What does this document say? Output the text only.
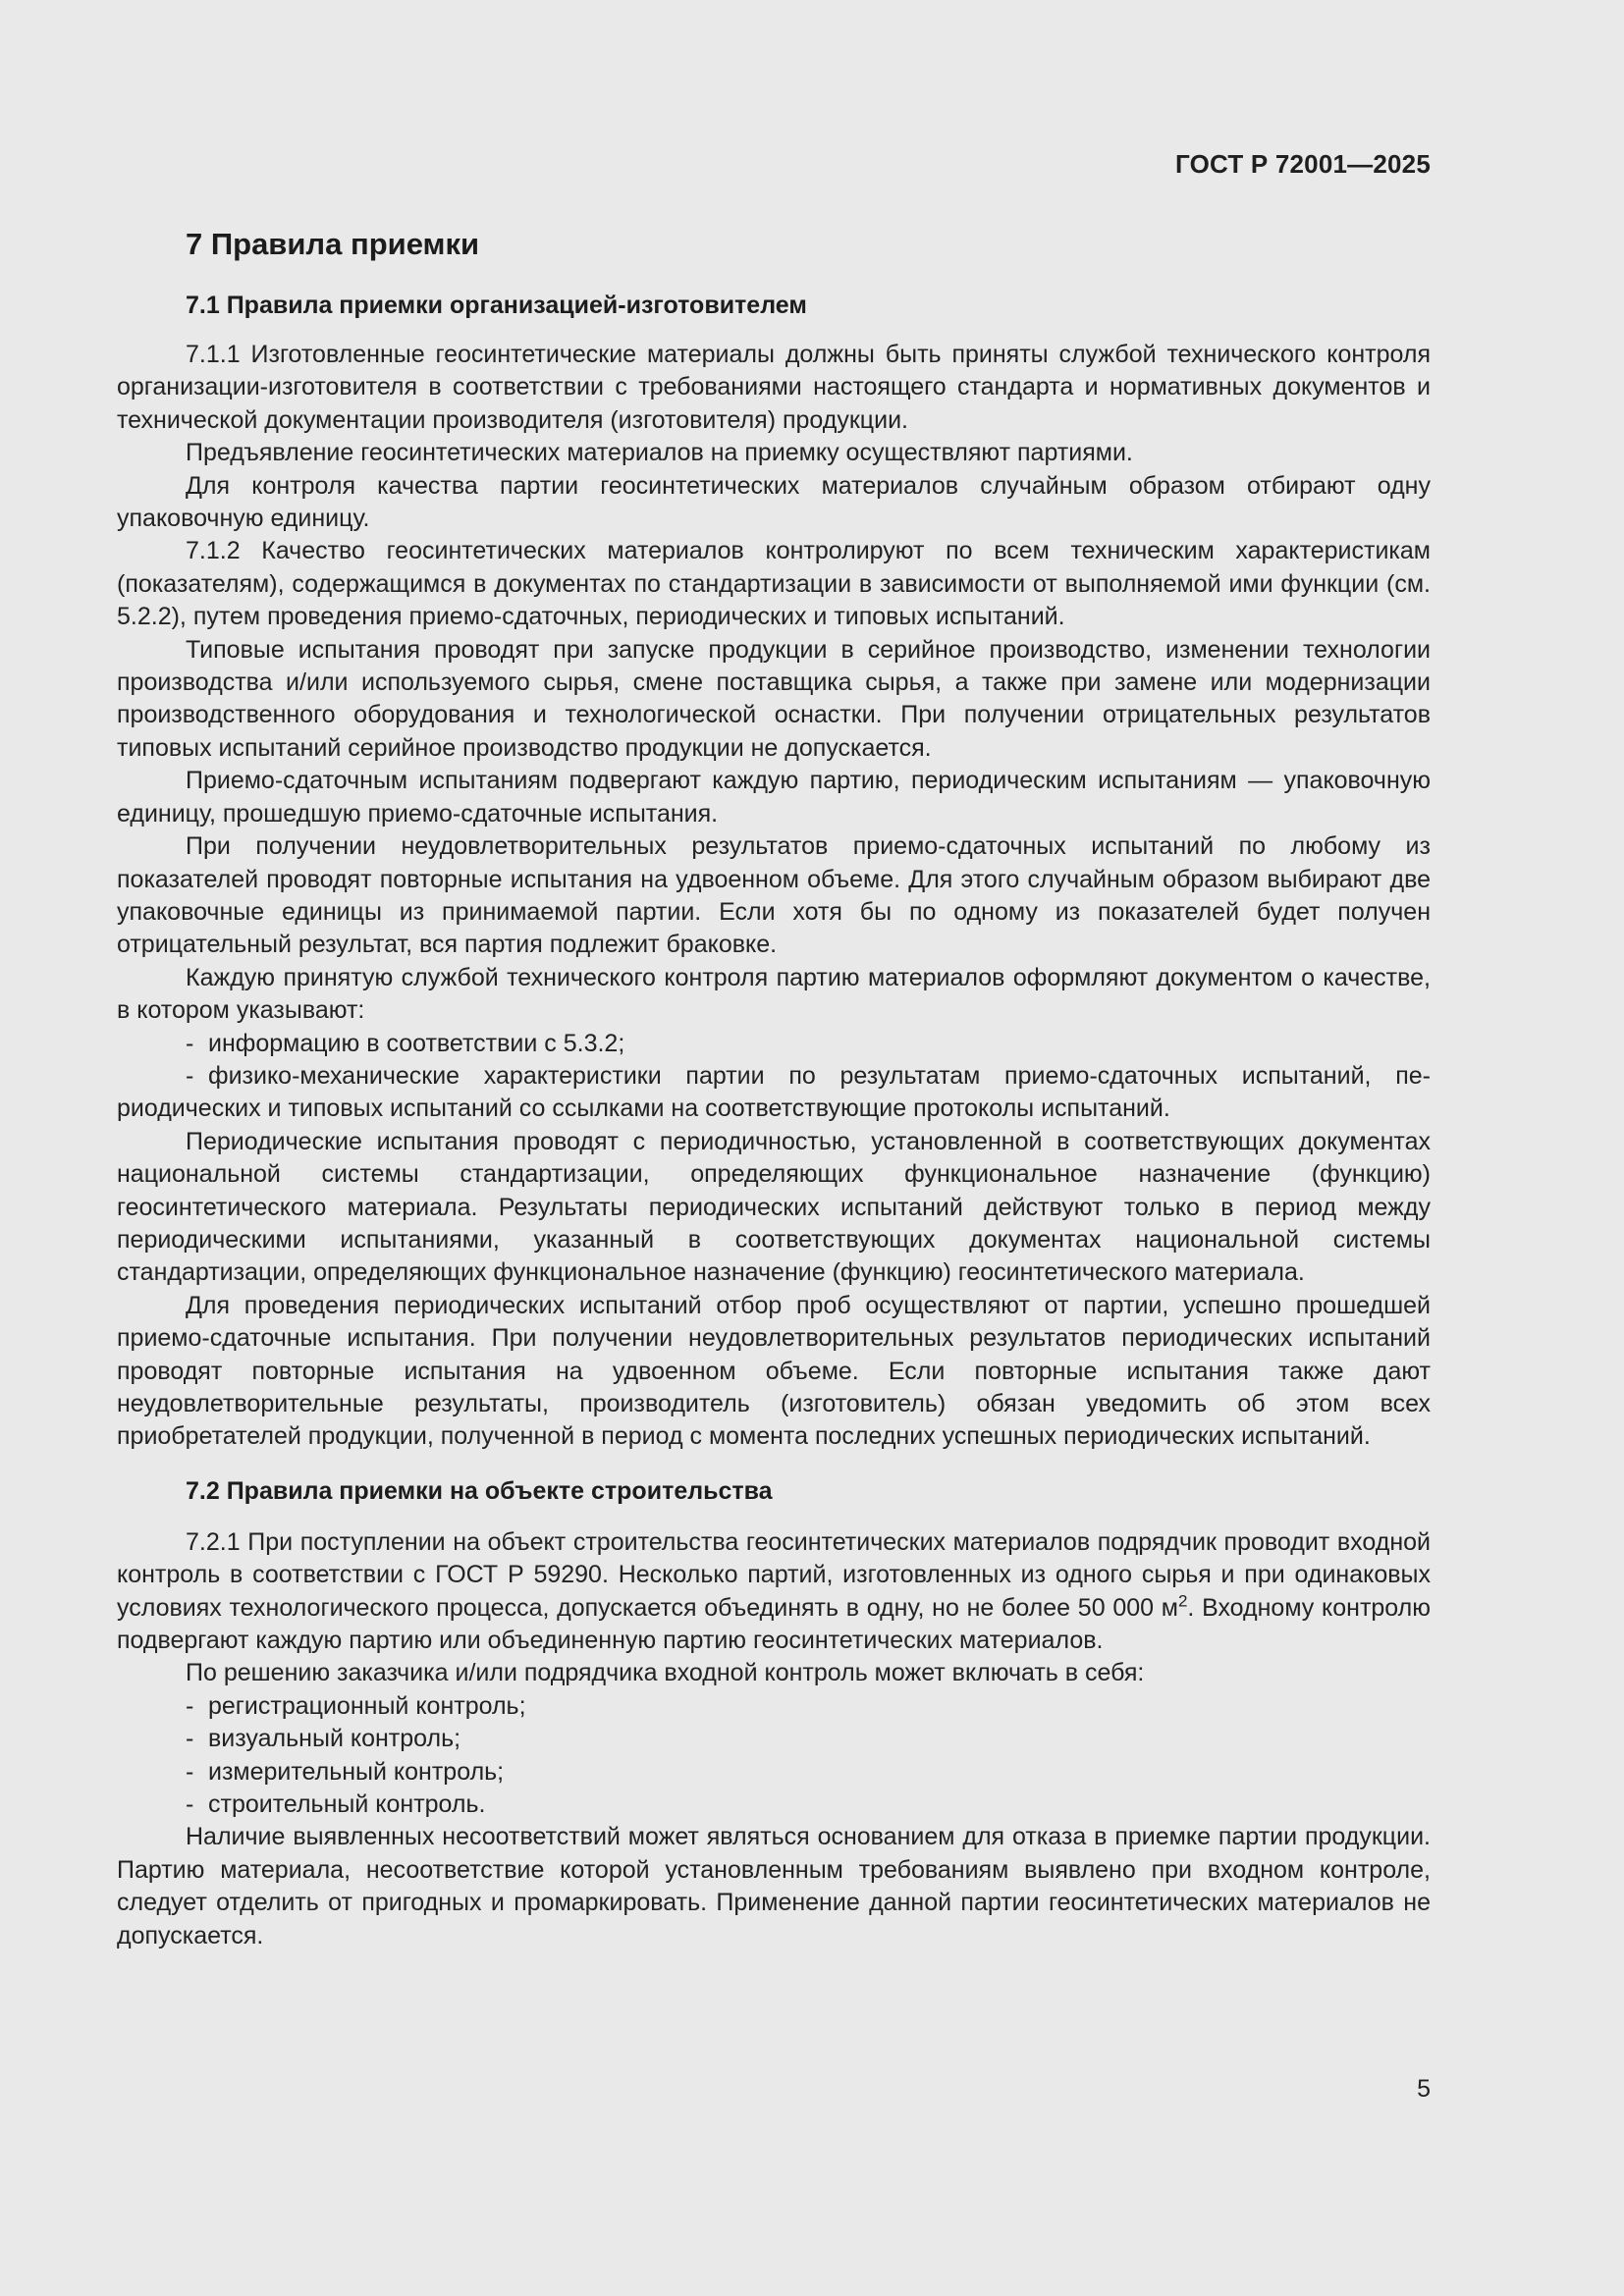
ГОСТ Р 72001—2025
7 Правила приемки
7.1 Правила приемки организацией-изготовителем

7.1.1 Изготовленные геосинтетические материалы должны быть приняты службой технического контроля организации-изготовителя в соответствии с требованиями настоящего стандарта и нормативных документов и технической документации производителя (изготовителя) продукции.

Предъявление геосинтетических материалов на приемку осуществляют партиями.

Для контроля качества партии геосинтетических материалов случайным образом отбирают одну упаковочную единицу.

7.1.2 Качество геосинтетических материалов контролируют по всем техническим характеристикам (показателям), содержащимся в документах по стандартизации в зависимости от выполняемой ими функции (см. 5.2.2), путем проведения приемо-сдаточных, периодических и типовых испытаний.

Типовые испытания проводят при запуске продукции в серийное производство, изменении технологии производства и/или используемого сырья, смене поставщика сырья, а также при замене или модернизации производственного оборудования и технологической оснастки. При получении отрицательных результатов типовых испытаний серийное производство продукции не допускается.

Приемо-сдаточным испытаниям подвергают каждую партию, периодическим испытаниям — упаковочную единицу, прошедшую приемо-сдаточные испытания.

При получении неудовлетворительных результатов приемо-сдаточных испытаний по любому из показателей проводят повторные испытания на удвоенном объеме. Для этого случайным образом выбирают две упаковочные единицы из принимаемой партии. Если хотя бы по одному из показателей будет получен отрицательный результат, вся партия подлежит браковке.

Каждую принятую службой технического контроля партию материалов оформляют документом о качестве, в котором указывают:

- информацию в соответствии с 5.3.2;

- физико-механические характеристики партии по результатам приемо-сдаточных испытаний, периодических и типовых испытаний со ссылками на соответствующие протоколы испытаний.

Периодические испытания проводят с периодичностью, установленной в соответствующих документах национальной системы стандартизации, определяющих функциональное назначение (функцию) геосинтетического материала. Результаты периодических испытаний действуют только в период между периодическими испытаниями, указанный в соответствующих документах национальной системы стандартизации, определяющих функциональное назначение (функцию) геосинтетического материала.

Для проведения периодических испытаний отбор проб осуществляют от партии, успешно прошедшей приемо-сдаточные испытания. При получении неудовлетворительных результатов периодических испытаний проводят повторные испытания на удвоенном объеме. Если повторные испытания также дают неудовлетворительные результаты, производитель (изготовитель) обязан уведомить об этом всех приобретателей продукции, полученной в период с момента последних успешных периодических испытаний.

7.2 Правила приемки на объекте строительства

7.2.1 При поступлении на объект строительства геосинтетических материалов подрядчик проводит входной контроль в соответствии с ГОСТ Р 59290. Несколько партий, изготовленных из одного сырья и при одинаковых условиях технологического процесса, допускается объединять в одну, но не более 50 000 $м^2$. Входному контролю подвергают каждую партию или объединенную партию геосинтетических материалов.

По решению заказчика и/или подрядчика входной контроль может включать в себя:

- регистрационный контроль;

- визуальный контроль;

- измерительный контроль;

- строительный контроль.

Наличие выявленных несоответствий может являться основанием для отказа в приемке партии продукции. Партию материала, несоответствие которой установленным требованиям выявлено при входном контроле, следует отделить от пригодных и промаркировать. Применение данной партии геосинтетических материалов не допускается.

5
